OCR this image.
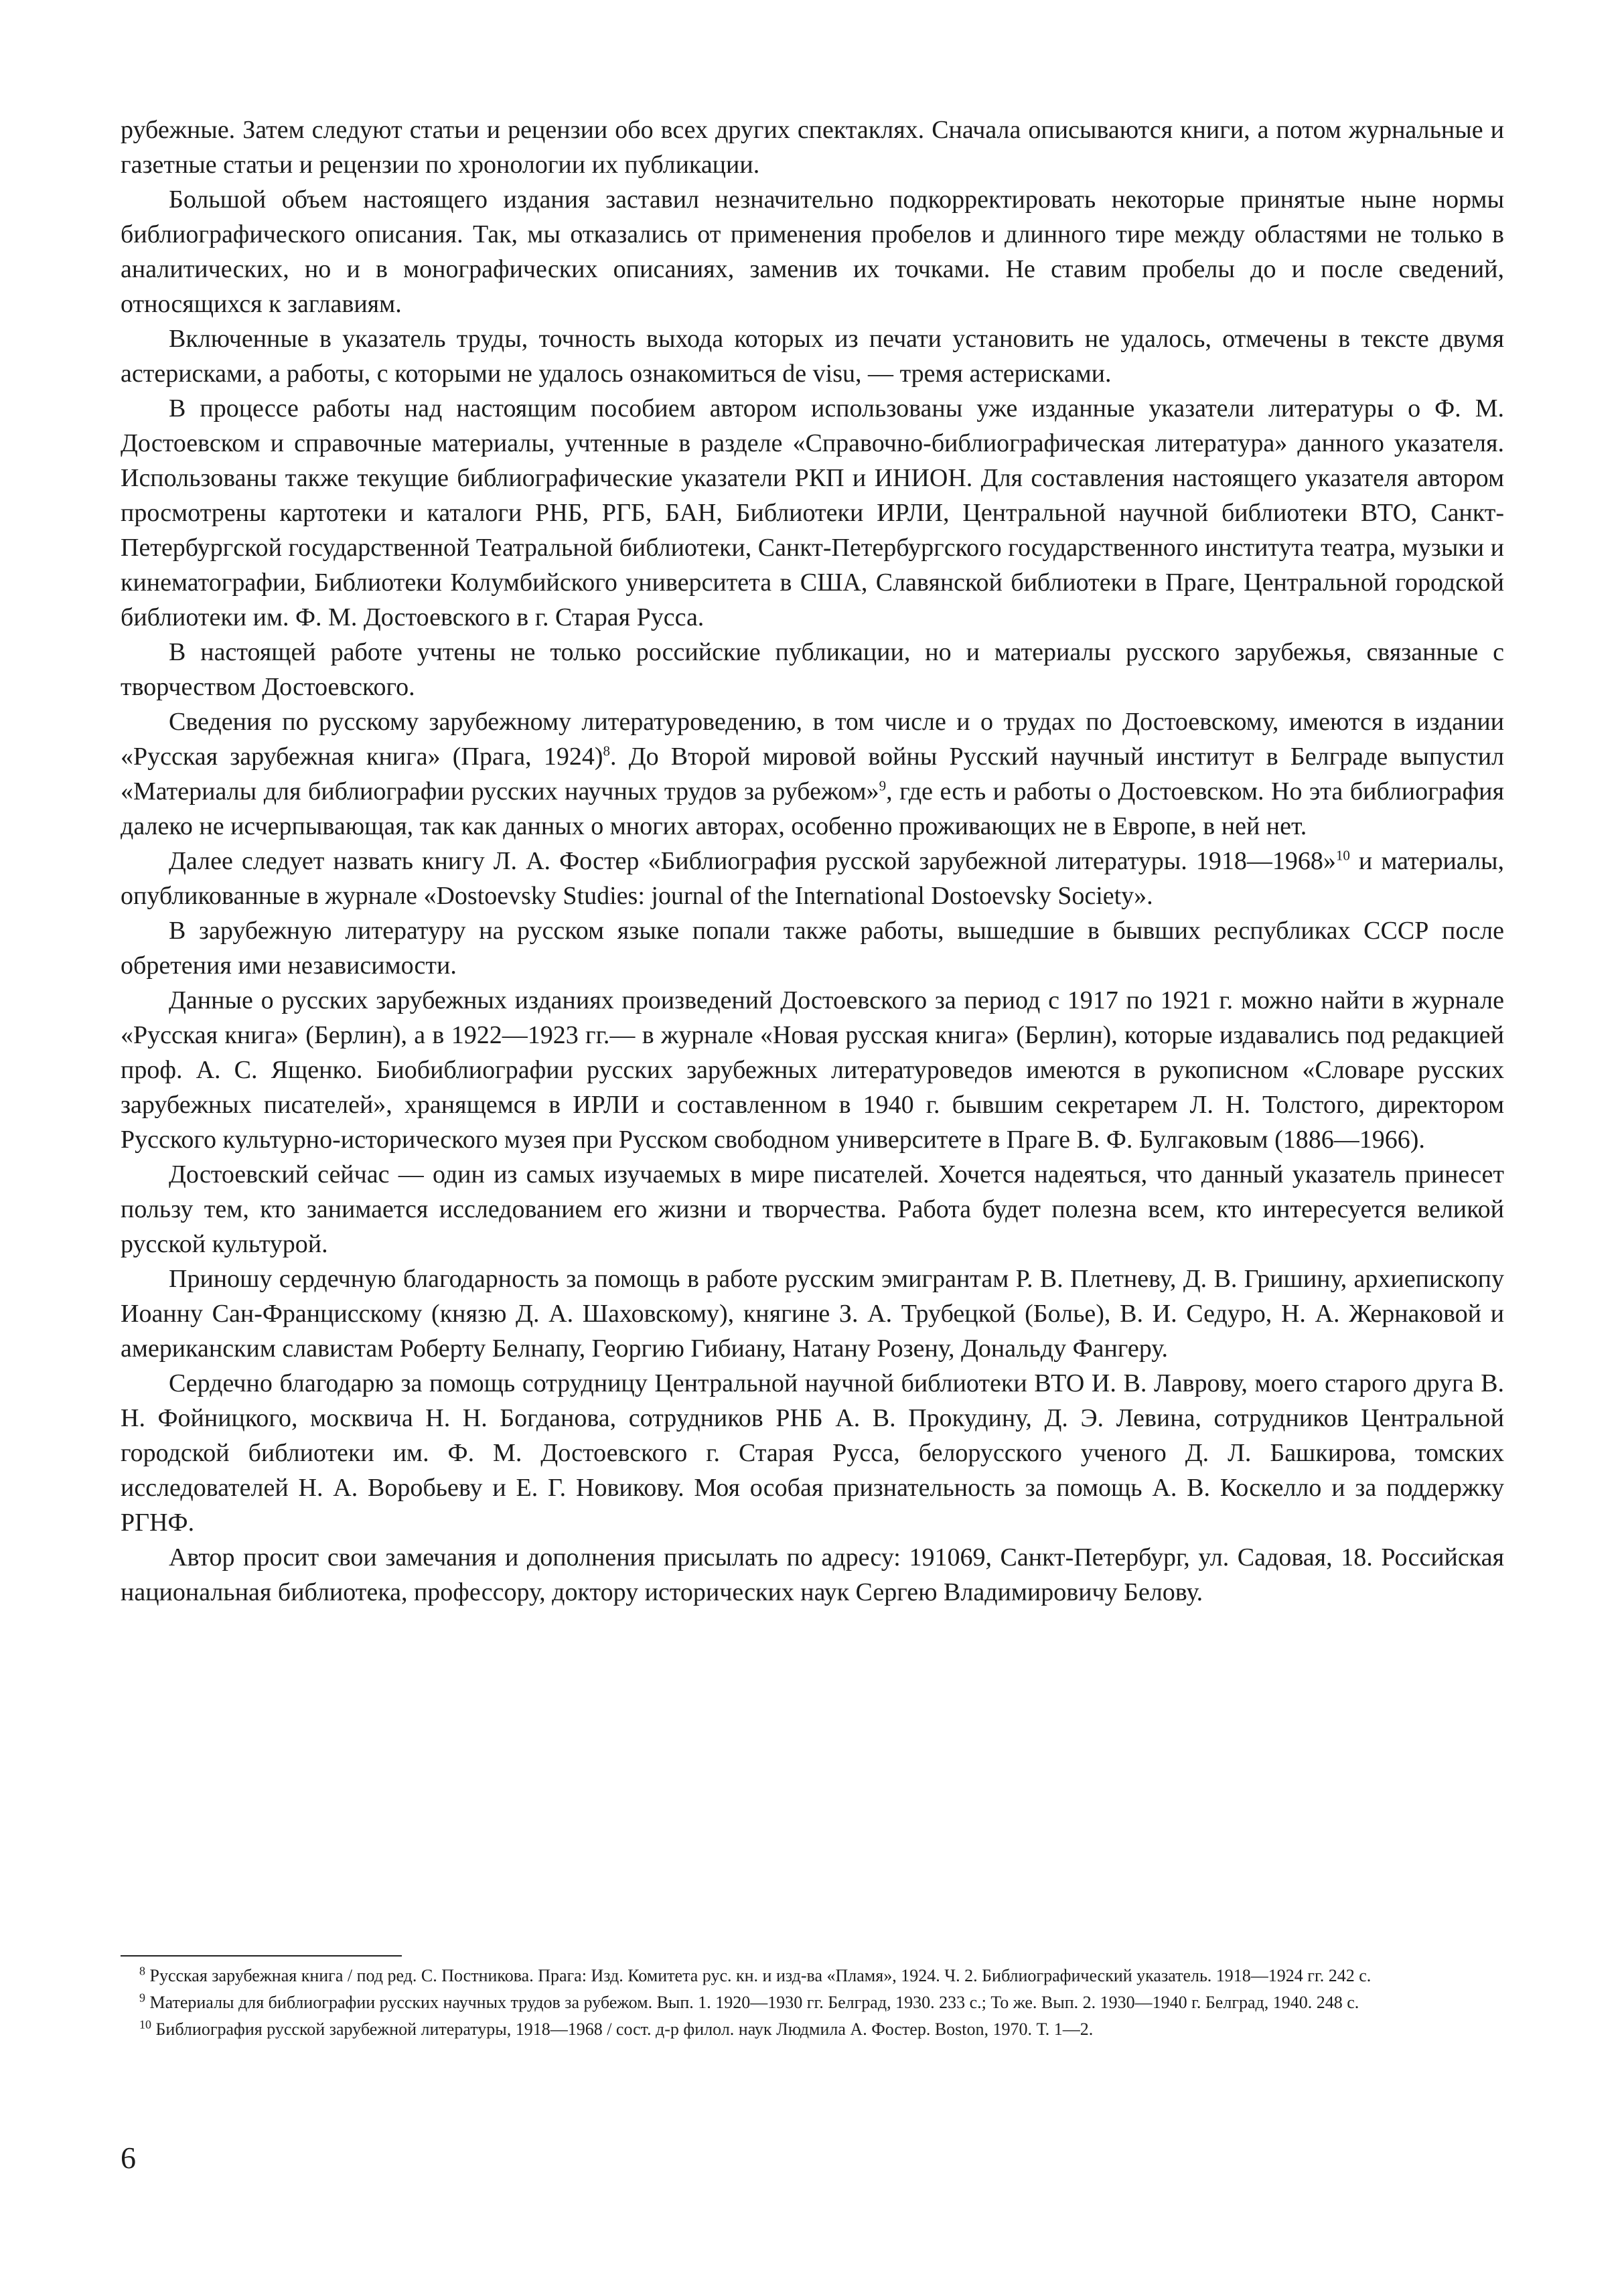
рубежные. Затем следуют статьи и рецензии обо всех других спектаклях. Сначала описываются книги, а потом журнальные и газетные статьи и рецензии по хронологии их публикации.

Большой объем настоящего издания заставил незначительно подкорректировать некоторые принятые ныне нормы библиографического описания. Так, мы отказались от применения пробелов и длинного тире между областями не только в аналитических, но и в монографических описаниях, заменив их точками. Не ставим пробелы до и после сведений, относящихся к заглавиям.

Включенные в указатель труды, точность выхода которых из печати установить не удалось, отмечены в тексте двумя астерисками, а работы, с которыми не удалось ознакомиться de visu, — тремя астерисками.

В процессе работы над настоящим пособием автором использованы уже изданные указатели литературы о Ф. М. Достоевском и справочные материалы, учтенные в разделе «Справочно-библиографическая литература» данного указателя. Использованы также текущие библиографические указатели РКП и ИНИОН. Для составления настоящего указателя автором просмотрены картотеки и каталоги РНБ, РГБ, БАН, Библиотеки ИРЛИ, Центральной научной библиотеки ВТО, Санкт-Петербургской государственной Театральной библиотеки, Санкт-Петербургского государственного института театра, музыки и кинематографии, Библиотеки Колумбийского университета в США, Славянской библиотеки в Праге, Центральной городской библиотеки им. Ф. М. Достоевского в г. Старая Русса.

В настоящей работе учтены не только российские публикации, но и материалы русского зарубежья, связанные с творчеством Достоевского.

Сведения по русскому зарубежному литературоведению, в том числе и о трудах по Достоевскому, имеются в издании «Русская зарубежная книга» (Прага, 1924)$^8$. До Второй мировой войны Русский научный институт в Белграде выпустил «Материалы для библиографии русских научных трудов за рубежом»$^9$, где есть и работы о Достоевском. Но эта библиография далеко не исчерпывающая, так как данных о многих авторах, особенно проживающих не в Европе, в ней нет.

Далее следует назвать книгу Л. А. Фостер «Библиография русской зарубежной литературы. 1918—1968»$^{10}$ и материалы, опубликованные в журнале «Dostoevsky Studies: journal of the International Dostoevsky Society».

В зарубежную литературу на русском языке попали также работы, вышедшие в бывших республиках СССР после обретения ими независимости.

Данные о русских зарубежных изданиях произведений Достоевского за период с 1917 по 1921 г. можно найти в журнале «Русская книга» (Берлин), а в 1922—1923 гг.— в журнале «Новая русская книга» (Берлин), которые издавались под редакцией проф. А. С. Ященко. Биобиблиографии русских зарубежных литературоведов имеются в рукописном «Словаре русских зарубежных писателей», хранящемся в ИРЛИ и составленном в 1940 г. бывшим секретарем Л. Н. Толстого, директором Русского культурно-исторического музея при Русском свободном университете в Праге В. Ф. Булгаковым (1886—1966).

Достоевский сейчас — один из самых изучаемых в мире писателей. Хочется надеяться, что данный указатель принесет пользу тем, кто занимается исследованием его жизни и творчества. Работа будет полезна всем, кто интересуется великой русской культурой.

Приношу сердечную благодарность за помощь в работе русским эмигрантам Р. В. Плетневу, Д. В. Гришину, архиепископу Иоанну Сан-Францисскому (князю Д. А. Шаховскому), княгине З. А. Трубецкой (Болье), В. И. Седуро, Н. А. Жернаковой и американским славистам Роберту Белнапу, Георгию Гибиану, Натану Розену, Дональду Фангеру.

Сердечно благодарю за помощь сотрудницу Центральной научной библиотеки ВТО И. В. Лаврову, моего старого друга В. Н. Фойницкого, москвича Н. Н. Богданова, сотрудников РНБ А. В. Прокудину, Д. Э. Левина, сотрудников Центральной городской библиотеки им. Ф. М. Достоевского г. Старая Русса, белорусского ученого Д. Л. Башкирова, томских исследователей Н. А. Воробьеву и Е. Г. Новикову. Моя особая признательность за помощь А. В. Коскелло и за поддержку РГНФ.

Автор просит свои замечания и дополнения присылать по адресу: 191069, Санкт-Петербург, ул. Садовая, 18. Российская национальная библиотека, профессору, доктору исторических наук Сергею Владимировичу Белову.

$^8$ Русская зарубежная книга / под ред. С. Постникова. Прага: Изд. Комитета рус. кн. и изд-ва «Пламя», 1924. Ч. 2. Библиографический указатель. 1918—1924 гг. 242 с.

$^9$ Материалы для библиографии русских научных трудов за рубежом. Вып. 1. 1920—1930 гг. Белград, 1930. 233 с.; То же. Вып. 2. 1930—1940 г. Белград, 1940. 248 с.

$^{10}$ Библиография русской зарубежной литературы, 1918—1968 / сост. д-р филол. наук Людмила А. Фостер. Boston, 1970. Т. 1—2.

6
